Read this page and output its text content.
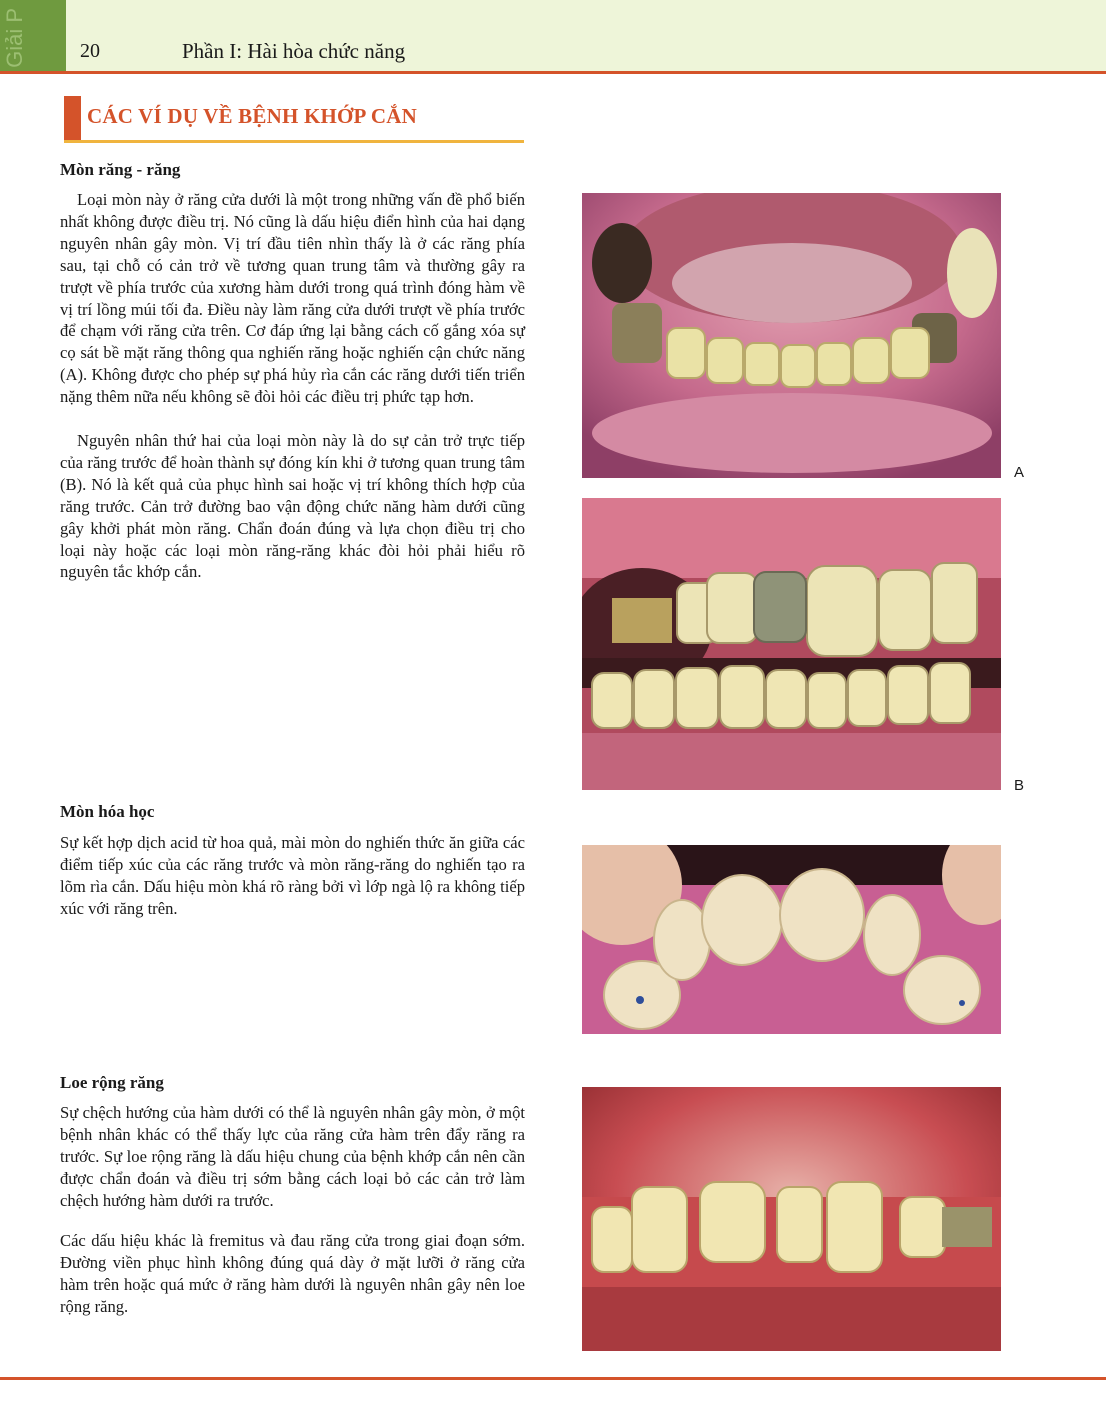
Giải P	20	Phần I: Hài hòa chức năng
CÁC VÍ DỤ VỀ BỆNH KHỚP CẮN
Mòn răng - răng

Loại mòn này ở răng cửa dưới là một trong những vấn đề phổ biến nhất không được điều trị. Nó cũng là dấu hiệu điển hình của hai dạng nguyên nhân gây mòn. Vị trí đầu tiên nhìn thấy là ở các răng phía sau, tại chỗ có cản trở về tương quan trung tâm và thường gây ra trượt về phía trước của xương hàm dưới trong quá trình đóng hàm về vị trí lồng múi tối đa. Điều này làm răng cửa dưới trượt về phía trước để chạm với răng cửa trên. Cơ đáp ứng lại bằng cách cố gắng xóa sự cọ sát bề mặt răng thông qua nghiến răng hoặc nghiến cận chức năng (A). Không được cho phép sự phá hủy rìa cắn các răng dưới tiến triển nặng thêm nữa nếu không sẽ đòi hỏi các điều trị phức tạp hơn.

Nguyên nhân thứ hai của loại mòn này là do sự cản trở trực tiếp của răng trước để hoàn thành sự đóng kín khi ở tương quan trung tâm (B). Nó là kết quả của phục hình sai hoặc vị trí không thích hợp của răng trước. Cản trở đường bao vận động chức năng hàm dưới cũng gây khởi phát mòn răng. Chẩn đoán đúng và lựa chọn điều trị cho loại này hoặc các loại mòn răng-răng khác đòi hỏi phải hiểu rõ nguyên tắc khớp cắn.

Mòn hóa học

Sự kết hợp dịch acid từ hoa quả, mài mòn do nghiến thức ăn giữa các điểm tiếp xúc của các răng trước và mòn răng-răng do nghiến tạo ra lõm rìa cắn. Dấu hiệu mòn khá rõ ràng bởi vì lớp ngà lộ ra không tiếp xúc với răng trên.

Loe rộng răng

Sự chệch hướng của hàm dưới có thể là nguyên nhân gây mòn, ở một bệnh nhân khác có thể thấy lực của răng cửa hàm trên đẩy răng ra trước. Sự loe rộng răng là dấu hiệu chung của bệnh khớp cắn nên cần được chẩn đoán và điều trị sớm bằng cách loại bỏ các cản trở làm chệch hướng hàm dưới ra trước.

Các dấu hiệu khác là fremitus và đau răng cửa trong giai đoạn sớm. Đường viền phục hình không đúng quá dày ở mặt lưỡi ở răng cửa hàm trên hoặc quá mức ở răng hàm dưới là nguyên nhân gây nên loe rộng răng.

A
B
